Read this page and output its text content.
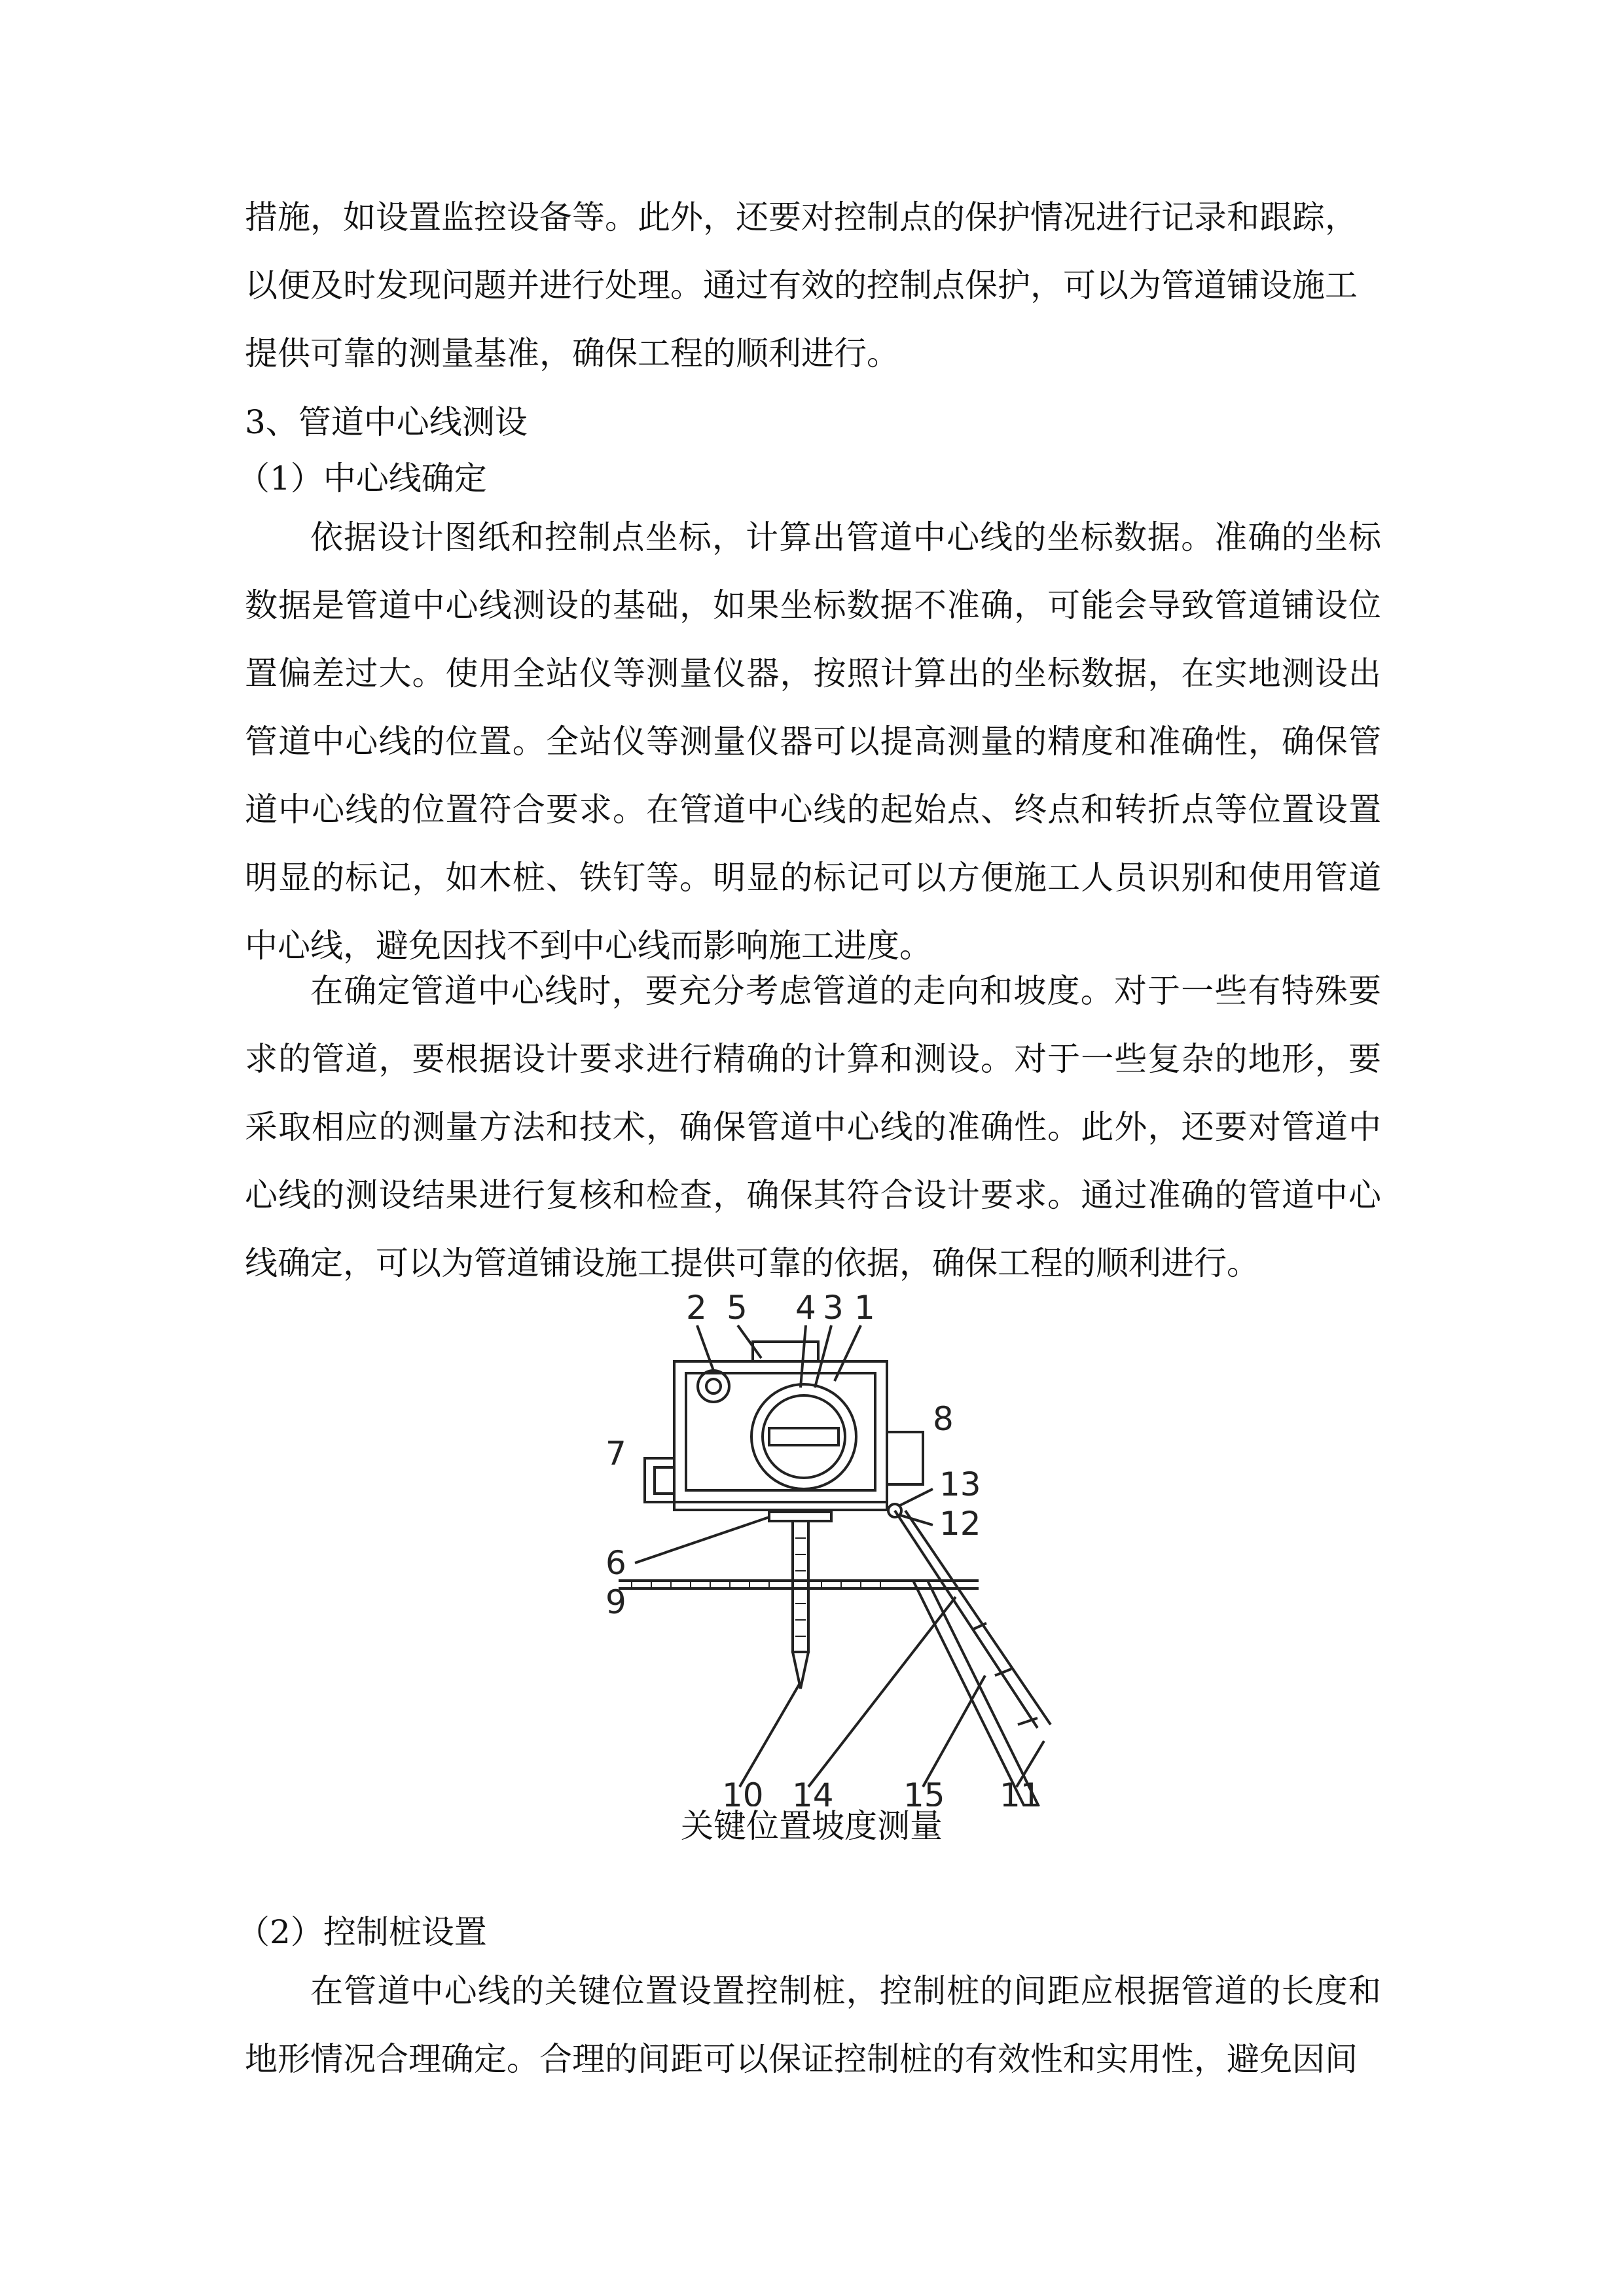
措施，如设置监控设备等。此外，还要对控制点的保护情况进行记录和跟踪，

以便及时发现问题并进行处理。通过有效的控制点保护，可以为管道铺设施工

提供可靠的测量基准，确保工程的顺利进行。

3、管道中心线测设

（1）中心线确定

依据设计图纸和控制点坐标，计算出管道中心线的坐标数据。准确的坐标数据是管道中心线测设的基础，如果坐标数据不准确，可能会导致管道铺设位置偏差过大。使用全站仪等测量仪器，按照计算出的坐标数据，在实地测设出管道中心线的位置。全站仪等测量仪器可以提高测量的精度和准确性，确保管道中心线的位置符合要求。在管道中心线的起始点、终点和转折点等位置设置明显的标记，如木桩、铁钉等。明显的标记可以方便施工人员识别和使用管道中心线，避免因找不到中心线而影响施工进度。

在确定管道中心线时，要充分考虑管道的走向和坡度。对于一些有特殊要求的管道，要根据设计要求进行精确的计算和测设。对于一些复杂的地形，要采取相应的测量方法和技术，确保管道中心线的准确性。此外，还要对管道中心线的测设结果进行复核和检查，确保其符合设计要求。通过准确的管道中心线确定，可以为管道铺设施工提供可靠的依据，确保工程的顺利进行。

2 5 4 3 1
8
7
13
12
6
9
10 14 15 11
关键位置坡度测量

（2）控制桩设置

在管道中心线的关键位置设置控制桩，控制桩的间距应根据管道的长度和地形情况合理确定。合理的间距可以保证控制桩的有效性和实用性，避免因间
